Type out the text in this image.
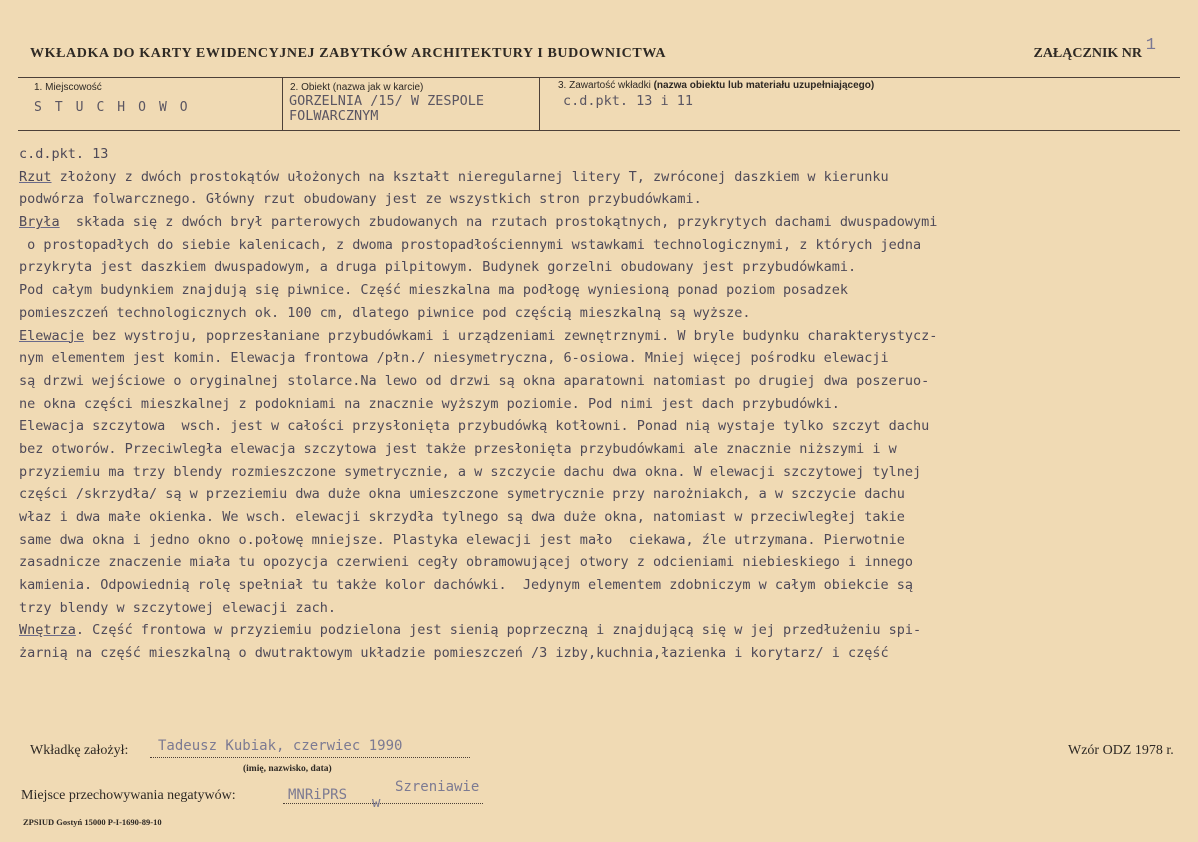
WKŁADKA DO KARTY EWIDENCYJNEJ ZABYTKÓW ARCHITEKTURY I BUDOWNICTWA	ZAŁĄCZNIK NR 1
1. Miejscowość
STUCHOWO
2. Obiekt (nazwa jak w karcie)
GORZELNIA /15/ W ZESPOLE
FOLWARCZNYM
3. Zawartość wkładki (nazwa obiektu lub materiału uzupełniającego)
c.d.pkt. 13 i 11
c.d.pkt. 13
Rzut złożony z dwóch prostokątów ułożonych na kształt nieregularnej litery T, zwróconej daszkiem w kierunku
podwórza folwarcznego. Główny rzut obudowany jest ze wszystkich stron przybudówkami.
Bryła  składa się z dwóch brył parterowych zbudowanych na rzutach prostokątnych, przykrytych dachami dwuspadowymi
o prostopadłych do siebie kalenicach, z dwoma prostopadłościennymi wstawkami technologicznymi, z których jedna
przykryta jest daszkiem dwuspadowym, a druga pilpitowym. Budynek gorzelni obudowany jest przybudówkami.
Pod całym budynkiem znajdują się piwnice. Część mieszkalna ma podłogę wyniesioną ponad poziom posadzek
pomieszczeń technologicznych ok. 100 cm, dlatego piwnice pod częścią mieszkalną są wyższe.
Elewacje bez wystroju, poprzesłaniane przybudówkami i urządzeniami zewnętrznymi. W bryle budynku charakterystycz-
nym elementem jest komin. Elewacja frontowa /płn./ niesymetryczna, 6-osiowa. Mniej więcej pośrodku elewacji
są drzwi wejściowe o oryginalnej stolarce.Na lewo od drzwi są okna aparatowni natomiast po drugiej dwa poszeruo-
ne okna części mieszkalnej z podokniami na znacznie wyższym poziomie. Pod nimi jest dach przybudówki.
Elewacja szczytowa  wsch. jest w całości przysłonięta przybudówką kotłowni. Ponad nią wystaje tylko szczyt dachu
bez otworów. Przeciwległa elewacja szczytowa jest także przesłonięta przybudówkami ale znacznie niższymi i w
przyziemiu ma trzy blendy rozmieszczone symetrycznie, a w szczycie dachu dwa okna. W elewacji szczytowej tylnej
części /skrzydła/ są w przeziemiu dwa duże okna umieszczone symetrycznie przy narożniakch, a w szczycie dachu
właz i dwa małe okienka. We wsch. elewacji skrzydła tylnego są dwa duże okna, natomiast w przeciwległej takie
same dwa okna i jedno okno o.połowę mniejsze. Plastyka elewacji jest mało  ciekawa, źle utrzymana. Pierwotnie
zasadnicze znaczenie miała tu opozycja czerwieni cegły obramowującej otwory z odcieniami niebieskiego i innego
kamienia. Odpowiednią rolę spełniał tu także kolor dachówki.  Jedynym elementem zdobniczym w całym obiekcie są
trzy blendy w szczytowej elewacji zach.
Wnętrza. Część frontowa w przyziemiu podzielona jest sienią poprzeczną i znajdującą się w jej przedłużeniu spi-
żarnią na część mieszkalną o dwutraktowym układzie pomieszczeń /3 izby,kuchnia,łazienka i korytarz/ i część
Wkładkę założył: Tadeusz Kubiak, czerwiec 1990
(imię, nazwisko, data)
Wzór ODZ 1978 r.
Miejsce przechowywania negatywów:	MNRiPRS w
Szreniawie
ZPSIUD Gostyń 15000 P-I-1690-89-10
